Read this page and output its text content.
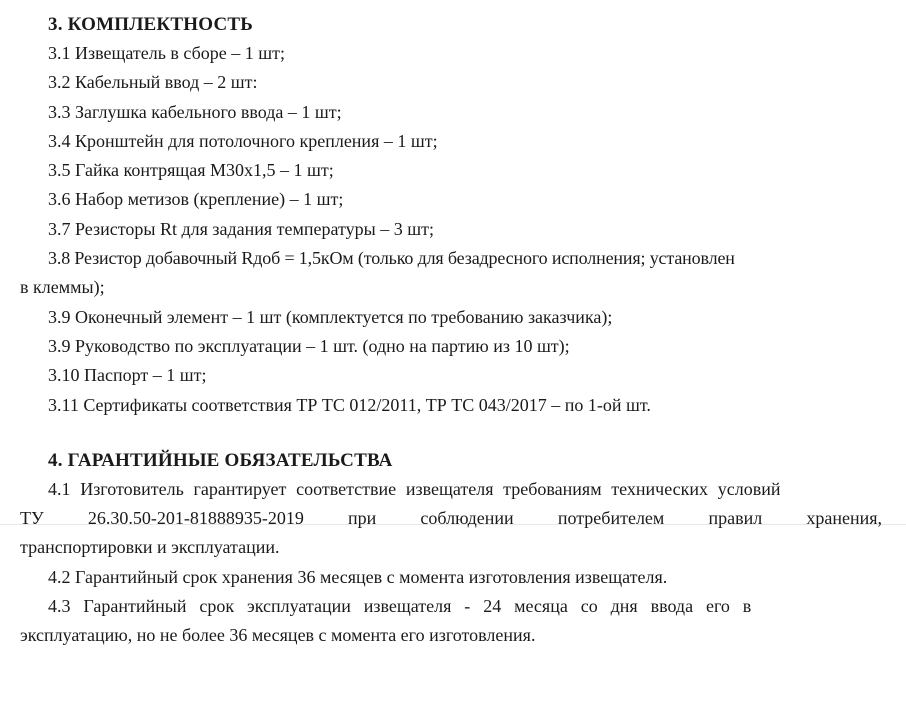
3. КОМПЛЕКТНОСТЬ
3.1 Извещатель в сборе – 1 шт;
3.2 Кабельный ввод – 2 шт:
3.3 Заглушка кабельного ввода – 1 шт;
3.4 Кронштейн для потолочного крепления – 1 шт;
3.5 Гайка контрящая М30х1,5 – 1 шт;
3.6 Набор метизов (крепление) – 1 шт;
3.7 Резисторы Rt для задания температуры – 3 шт;
3.8 Резистор добавочный Rдоб = 1,5кОм (только для безадресного исполнения; установлен
в клеммы);
3.9 Оконечный элемент – 1 шт (комплектуется по требованию заказчика);
3.9 Руководство по эксплуатации – 1 шт. (одно на партию из 10 шт);
3.10 Паспорт – 1 шт;
3.11 Сертификаты соответствия ТР ТС 012/2011, ТР ТС 043/2017 – по 1-ой шт.
4. ГАРАНТИЙНЫЕ ОБЯЗАТЕЛЬСТВА
4.1 Изготовитель гарантирует соответствие извещателя требованиям технических условий
ТУ 26.30.50-201-81888935-2019 при соблюдении потребителем правил хранения,
транспортировки и эксплуатации.
4.2 Гарантийный срок хранения 36 месяцев с момента изготовления извещателя.
4.3 Гарантийный срок эксплуатации извещателя - 24 месяца со дня ввода его в
эксплуатацию, но не более 36 месяцев с момента его изготовления.
